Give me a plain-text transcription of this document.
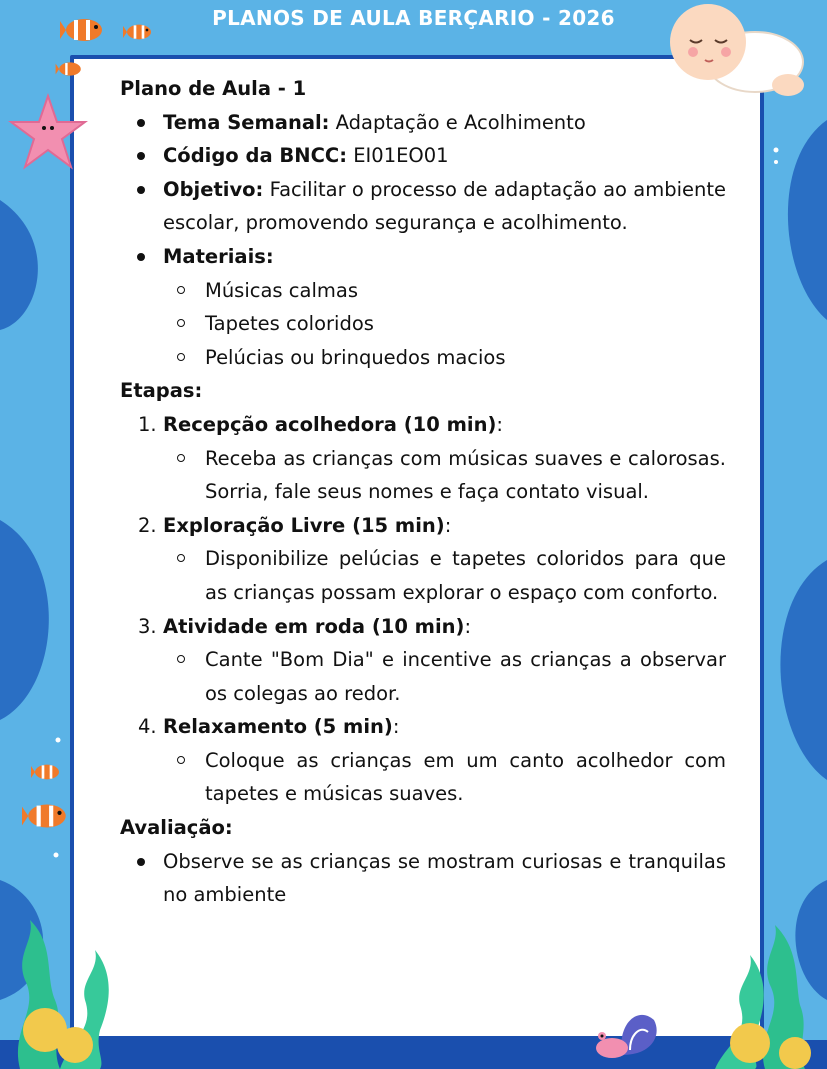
PLANOS DE AULA BERÇARIO - 2026
Plano de Aula - 1
Tema Semanal: Adaptação e Acolhimento
Código da BNCC: EI01EO01
Objetivo: Facilitar o processo de adaptação ao ambiente escolar, promovendo segurança e acolhimento.
Materiais:
Músicas calmas
Tapetes coloridos
Pelúcias ou brinquedos macios
Etapas:
1. Recepção acolhedora (10 min):
Receba as crianças com músicas suaves e calorosas. Sorria, fale seus nomes e faça contato visual.
2. Exploração Livre (15 min):
Disponibilize pelúcias e tapetes coloridos para que as crianças possam explorar o espaço com conforto.
3. Atividade em roda (10 min):
Cante "Bom Dia" e incentive as crianças a observar os colegas ao redor.
4. Relaxamento (5 min):
Coloque as crianças em um canto acolhedor com tapetes e músicas suaves.
Avaliação:
Observe se as crianças se mostram curiosas e tranquilas no ambiente
